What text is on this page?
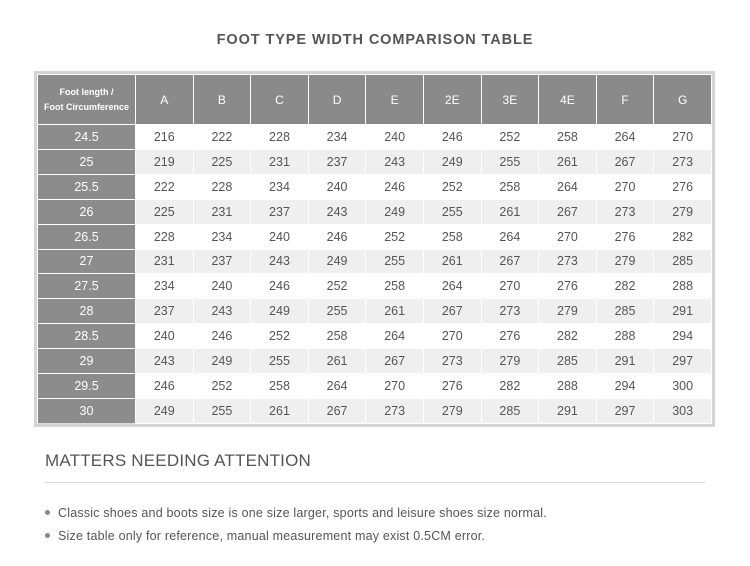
FOOT TYPE WIDTH COMPARISON TABLE
Foot length /
Foot Circumference	A	B	C	D	E	2E	3E	4E	F	G
24.5	216	222	228	234	240	246	252	258	264	270
25	219	225	231	237	243	249	255	261	267	273
25.5	222	228	234	240	246	252	258	264	270	276
26	225	231	237	243	249	255	261	267	273	279
26.5	228	234	240	246	252	258	264	270	276	282
27	231	237	243	249	255	261	267	273	279	285
27.5	234	240	246	252	258	264	270	276	282	288
28	237	243	249	255	261	267	273	279	285	291
28.5	240	246	252	258	264	270	276	282	288	294
29	243	249	255	261	267	273	279	285	291	297
29.5	246	252	258	264	270	276	282	288	294	300
30	249	255	261	267	273	279	285	291	297	303
MATTERS NEEDING ATTENTION
Classic shoes and boots size is one size larger, sports and leisure shoes size normal.
Size table only for reference, manual measurement may exist 0.5CM error.
